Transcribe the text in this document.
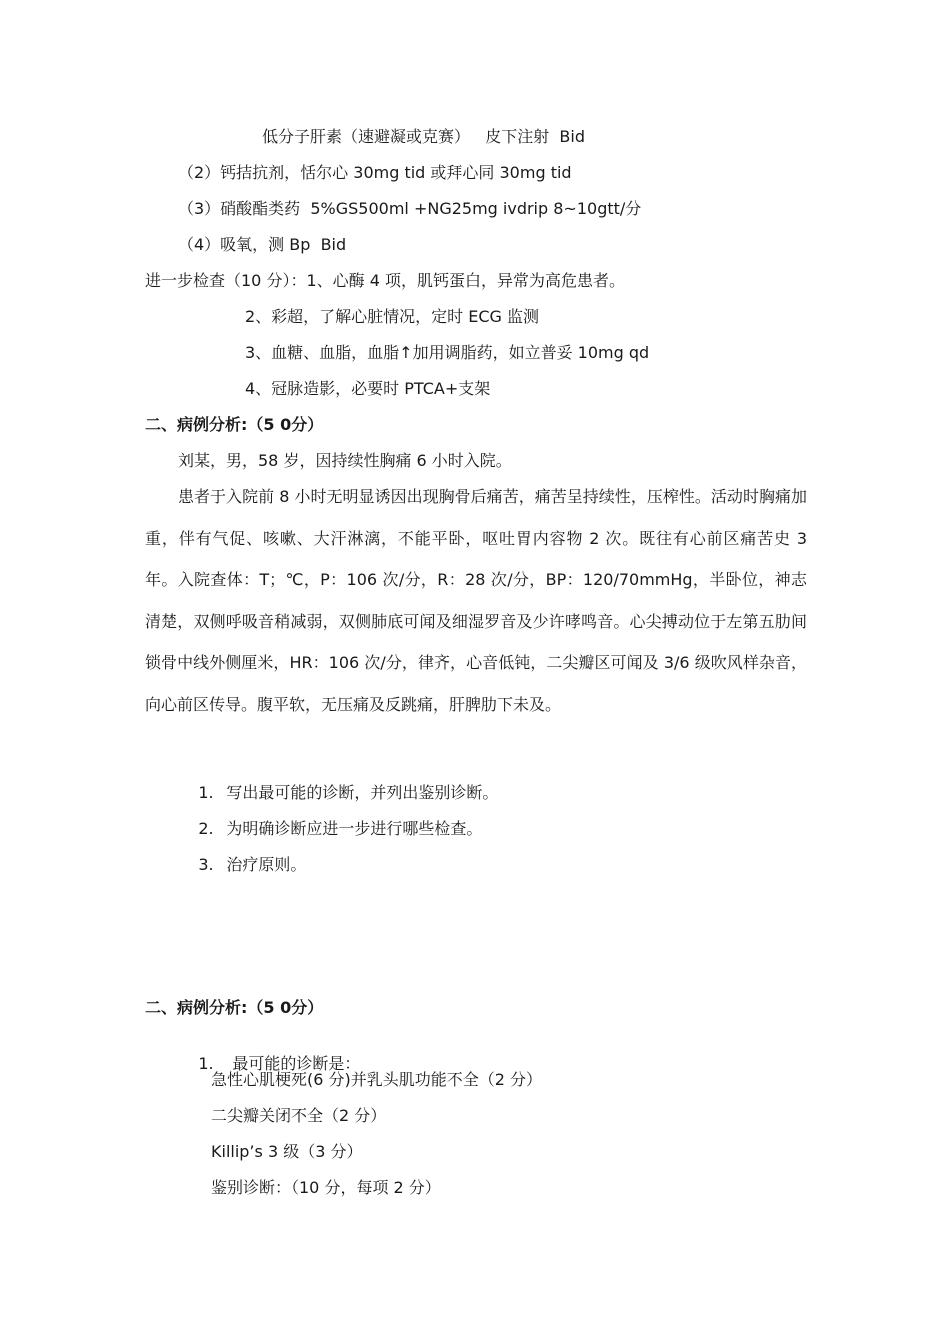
低分子肝素（速避凝或克赛）   皮下注射  Bid
（2）钙拮抗剂，恬尔心 30mg tid 或拜心同 30mg tid
（3）硝酸酯类药  5%GS500ml +NG25mg ivdrip 8~10gtt/分
（4）吸氧，测 Bp  Bid
进一步检查（10 分）：1、心酶 4 项，肌钙蛋白，异常为高危患者。
2、彩超，了解心脏情况，定时 ECG 监测
3、血糖、血脂，血脂↑加用调脂药，如立普妥 10mg qd
4、冠脉造影，必要时 PTCA+支架
二、病例分析:（5 0分）
刘某，男，58 岁，因持续性胸痛 6 小时入院。
患者于入院前 8 小时无明显诱因出现胸骨后痛苦，痛苦呈持续性，压榨性。活动时胸痛加重，伴有气促、咳嗽、大汗淋漓，不能平卧，呕吐胃内容物 2 次。既往有心前区痛苦史 3 年。入院查体：T；℃，P：106 次/分，R：28 次/分，BP：120/70mmHg，半卧位，神志清楚，双侧呼吸音稍减弱，双侧肺底可闻及细湿罗音及少许哮鸣音。心尖搏动位于左第五肋间锁骨中线外侧厘米，HR：106 次/分，律齐，心音低钝，二尖瓣区可闻及 3/6 级吹风样杂音，向心前区传导。腹平软，无压痛及反跳痛，肝脾肋下未及。

1. 写出最可能的诊断，并列出鉴别诊断。

2. 为明确诊断应进一步进行哪些检查。

3. 治疗原则。

二、病例分析:（5 0分）

1. 最可能的诊断是：

急性心肌梗死(6 分)并乳头肌功能不全（2 分）
二尖瓣关闭不全（2 分）
Killip’s 3 级（3 分）
鉴别诊断：（10 分，每项 2 分）
